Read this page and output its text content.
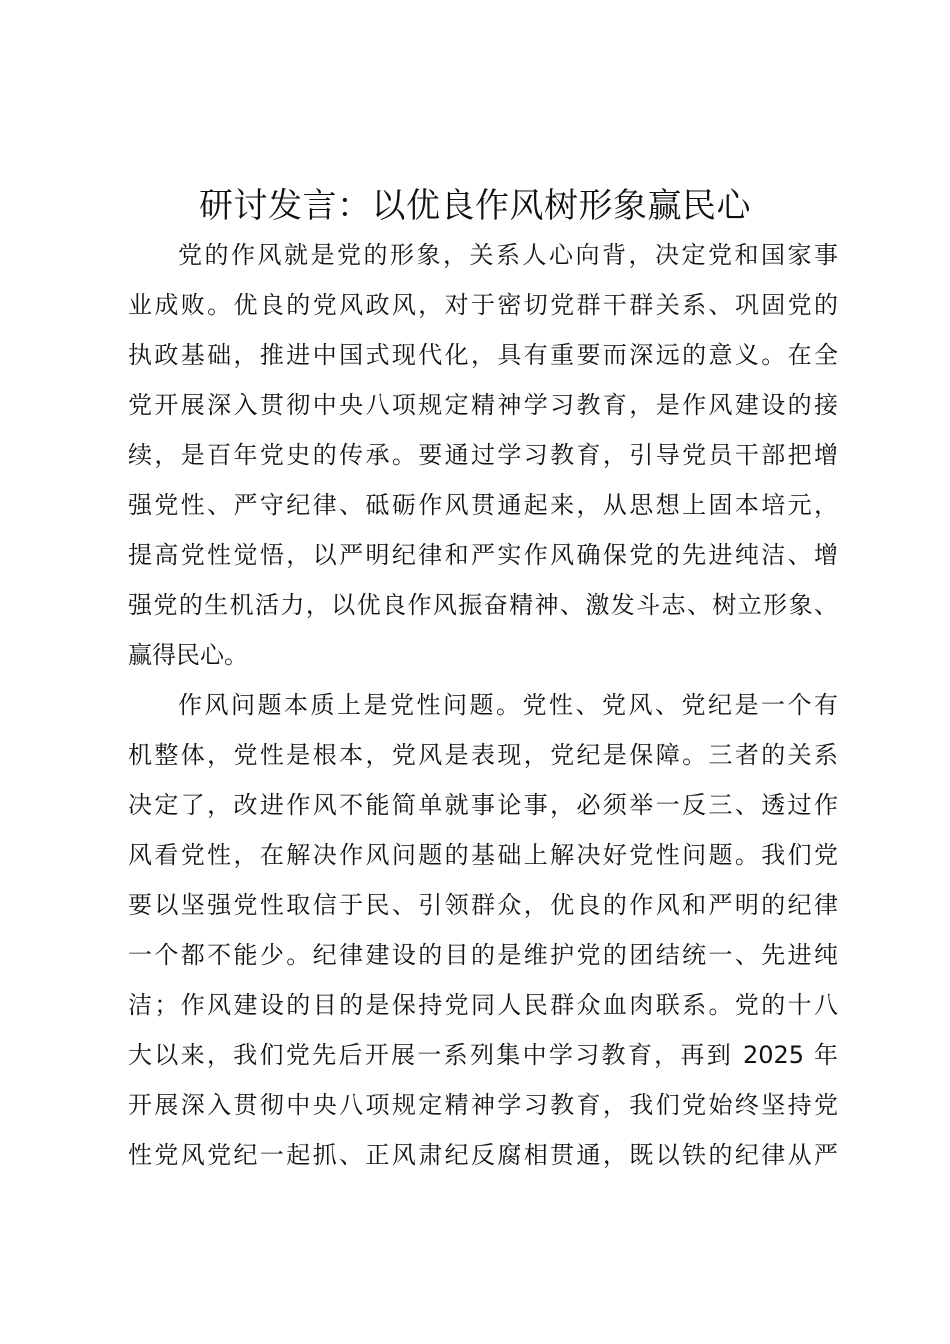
研讨发言：以优良作风树形象赢民心
党的作风就是党的形象，关系人心向背，决定党和国家事
业成败。优良的党风政风，对于密切党群干群关系、巩固党的
执政基础，推进中国式现代化，具有重要而深远的意义。在全
党开展深入贯彻中央八项规定精神学习教育，是作风建设的接
续，是百年党史的传承。要通过学习教育，引导党员干部把增
强党性、严守纪律、砥砺作风贯通起来，从思想上固本培元，
提高党性觉悟，以严明纪律和严实作风确保党的先进纯洁、增
强党的生机活力，以优良作风振奋精神、激发斗志、树立形象、
赢得民心。
作风问题本质上是党性问题。党性、党风、党纪是一个有
机整体，党性是根本，党风是表现，党纪是保障。三者的关系
决定了，改进作风不能简单就事论事，必须举一反三、透过作
风看党性，在解决作风问题的基础上解决好党性问题。我们党
要以坚强党性取信于民、引领群众，优良的作风和严明的纪律
一个都不能少。纪律建设的目的是维护党的团结统一、先进纯
洁；作风建设的目的是保持党同人民群众血肉联系。党的十八
大以来，我们党先后开展一系列集中学习教育，再到 2025 年
开展深入贯彻中央八项规定精神学习教育，我们党始终坚持党
性党风党纪一起抓、正风肃纪反腐相贯通，既以铁的纪律从严
